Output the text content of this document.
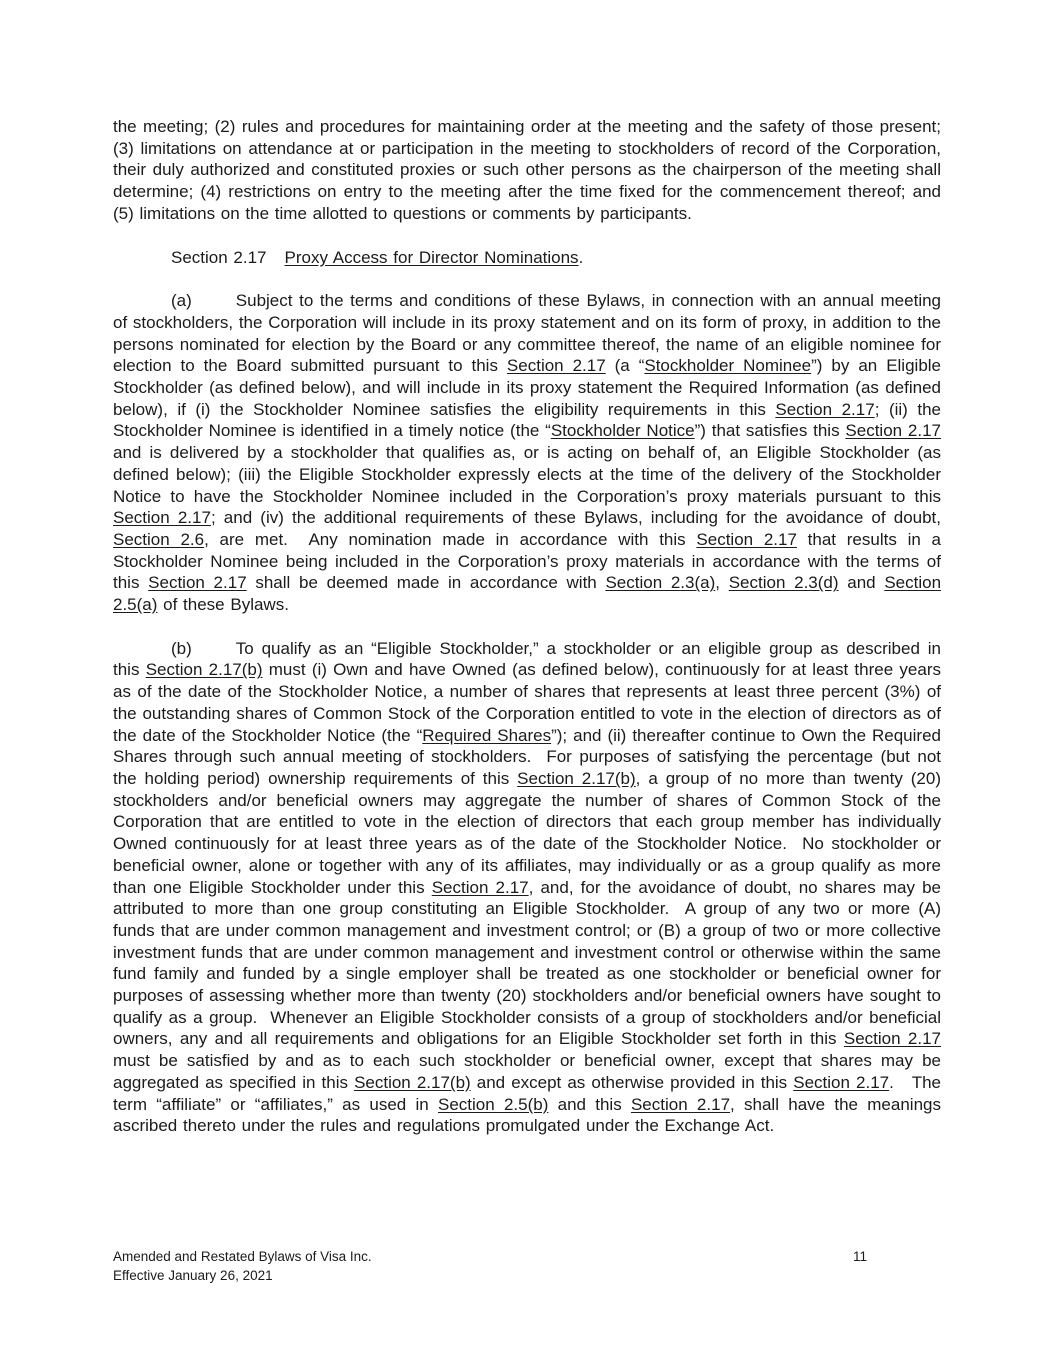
the meeting; (2) rules and procedures for maintaining order at the meeting and the safety of those present; (3) limitations on attendance at or participation in the meeting to stockholders of record of the Corporation, their duly authorized and constituted proxies or such other persons as the chairperson of the meeting shall determine; (4) restrictions on entry to the meeting after the time fixed for the commencement thereof; and (5) limitations on the time allotted to questions or comments by participants.

Section 2.17 Proxy Access for Director Nominations.

(a)	Subject to the terms and conditions of these Bylaws, in connection with an annual meeting of stockholders, the Corporation will include in its proxy statement and on its form of proxy, in addition to the persons nominated for election by the Board or any committee thereof, the name of an eligible nominee for election to the Board submitted pursuant to this Section 2.17 (a “Stockholder Nominee”) by an Eligible Stockholder (as defined below), and will include in its proxy statement the Required Information (as defined below), if (i) the Stockholder Nominee satisfies the eligibility requirements in this Section 2.17; (ii) the Stockholder Nominee is identified in a timely notice (the “Stockholder Notice”) that satisfies this Section 2.17 and is delivered by a stockholder that qualifies as, or is acting on behalf of, an Eligible Stockholder (as defined below); (iii) the Eligible Stockholder expressly elects at the time of the delivery of the Stockholder Notice to have the Stockholder Nominee included in the Corporation’s proxy materials pursuant to this Section 2.17; and (iv) the additional requirements of these Bylaws, including for the avoidance of doubt, Section 2.6, are met.  Any nomination made in accordance with this Section 2.17 that results in a Stockholder Nominee being included in the Corporation’s proxy materials in accordance with the terms of this Section 2.17 shall be deemed made in accordance with Section 2.3(a), Section 2.3(d) and Section 2.5(a) of these Bylaws.

(b)	To qualify as an “Eligible Stockholder,” a stockholder or an eligible group as described in this Section 2.17(b) must (i) Own and have Owned (as defined below), continuously for at least three years as of the date of the Stockholder Notice, a number of shares that represents at least three percent (3%) of the outstanding shares of Common Stock of the Corporation entitled to vote in the election of directors as of the date of the Stockholder Notice (the “Required Shares”); and (ii) thereafter continue to Own the Required Shares through such annual meeting of stockholders.  For purposes of satisfying the percentage (but not the holding period) ownership requirements of this Section 2.17(b), a group of no more than twenty (20) stockholders and/or beneficial owners may aggregate the number of shares of Common Stock of the Corporation that are entitled to vote in the election of directors that each group member has individually Owned continuously for at least three years as of the date of the Stockholder Notice.  No stockholder or beneficial owner, alone or together with any of its affiliates, may individually or as a group qualify as more than one Eligible Stockholder under this Section 2.17, and, for the avoidance of doubt, no shares may be attributed to more than one group constituting an Eligible Stockholder.  A group of any two or more (A) funds that are under common management and investment control; or (B) a group of two or more collective investment funds that are under common management and investment control or otherwise within the same fund family and funded by a single employer shall be treated as one stockholder or beneficial owner for purposes of assessing whether more than twenty (20) stockholders and/or beneficial owners have sought to qualify as a group.  Whenever an Eligible Stockholder consists of a group of stockholders and/or beneficial owners, any and all requirements and obligations for an Eligible Stockholder set forth in this Section 2.17 must be satisfied by and as to each such stockholder or beneficial owner, except that shares may be aggregated as specified in this Section 2.17(b) and except as otherwise provided in this Section 2.17.   The term “affiliate” or “affiliates,” as used in Section 2.5(b) and this Section 2.17, shall have the meanings ascribed thereto under the rules and regulations promulgated under the Exchange Act.

Amended and Restated Bylaws of Visa Inc.
Effective January 26, 2021
11
